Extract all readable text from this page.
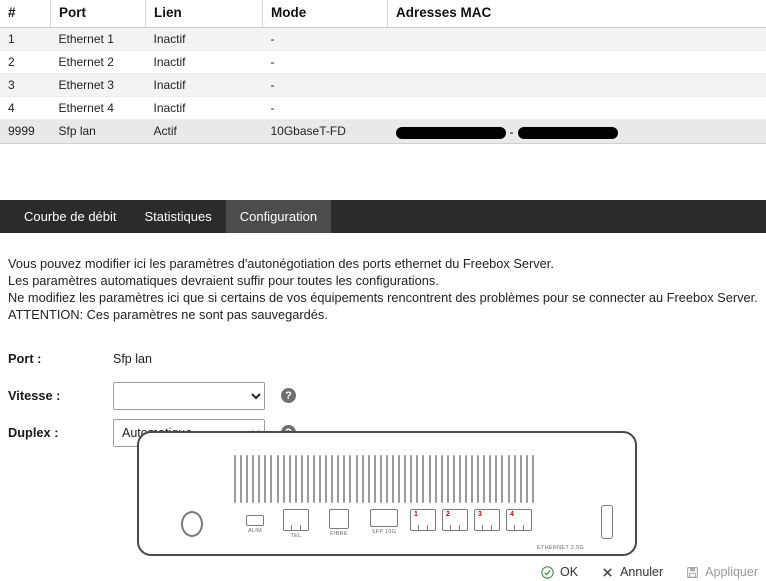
#	Port	Lien	Mode	Adresses MAC
1	Ethernet 1	Inactif	-	
2	Ethernet 2	Inactif	-	
3	Ethernet 3	Inactif	-	
4	Ethernet 4	Inactif	-	
9999	Sfp lan	Actif	10GbaseT-FD	-
Courbe de débit	Statistiques	Configuration
Vous pouvez modifier ici les paramètres d'autonégotiation des ports ethernet du Freebox Server.
Les paramètres automatiques devraient suffir pour toutes les configurations.
Ne modifiez les paramètres ici que si certains de vos équipements rencontrent des problèmes pour se connecter au Freebox Server.
ATTENTION: Ces paramètres ne sont pas sauvegardés.
Port :	Sfp lan
Vitesse :	?
Duplex :
Automatique
ALIM
TEL	FIBRE	SFP 10G
1	2	3	4
ETHERNET 2.5G
OK	Annuler	Appliquer
